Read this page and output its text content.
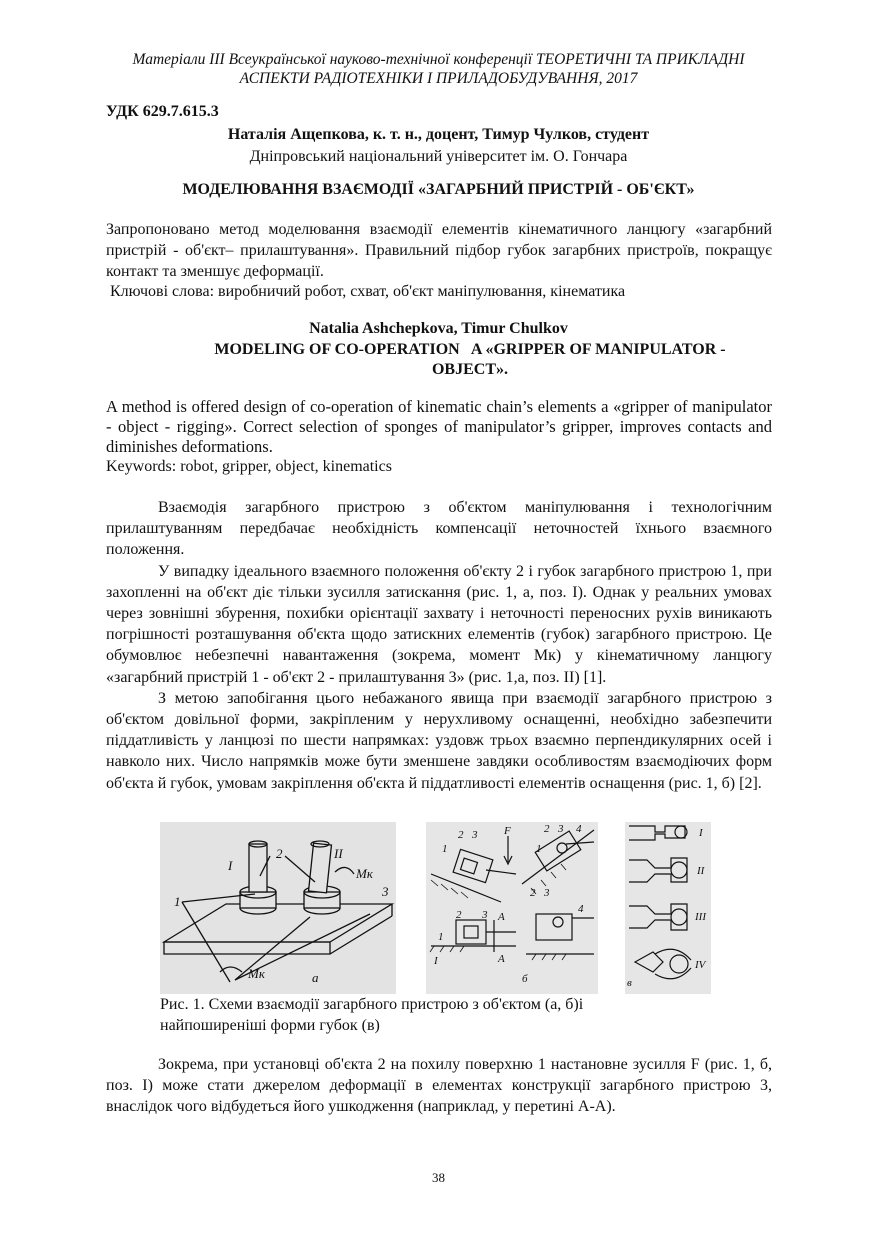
Матеріали III Всеукраїнської науково-технічної конференції ТЕОРЕТИЧНІ ТА ПРИКЛАДНІ
АСПЕКТИ РАДІОТЕХНІКИ І ПРИЛАДОБУДУВАННЯ, 2017
УДК 629.7.615.3
Наталія Ащепкова, к. т. н., доцент, Тимур Чулков, студент
Дніпровський національний університет ім. О. Гончара
МОДЕЛЮВАННЯ ВЗАЄМОДІЇ «ЗАГАРБНИЙ ПРИСТРІЙ - ОБ'ЄКТ»

Запропоновано метод моделювання взаємодії елементів кінематичного ланцюгу «загарбний пристрій - об'єкт– прилаштування». Правильний підбор губок загарбних пристроїв, покращує контакт та зменшує деформації.

Ключові слова: виробничий робот, схват, об'єкт маніпулювання, кінематика
Natalia Ashchepkova, Timur Chulkov
MODELING OF CO-OPERATION   A «GRIPPER OF MANIPULATOR -
OBJECT».

A method is offered design of co-operation of kinematic chain’s elements a «gripper of manipulator - object - rigging». Correct selection of sponges of manipulator’s gripper, improves contacts and diminishes deformations.

Keywords: robot, gripper, object, kinematics

Взаємодія загарбного пристрою з об'єктом маніпулювання і технологічним прилаштуванням передбачає необхідність компенсації неточностей їхнього взаємного положення.

У випадку ідеального взаємного положення об'єкту 2 і губок загарбного пристрою 1, при захопленні на об'єкт діє тільки зусилля затискання (рис. 1, а, поз. I). Однак у реальних умовах через зовнішні збурення, похибки орієнтації захвату і неточності переносних рухів виникають погрішності розташування об'єкта щодо затискних елементів (губок) загарбного пристрою. Це обумовлює небезпечні навантаження (зокрема, момент Mк) у кінематичному ланцюгу «загарбний пристрій 1 - об'єкт 2 - прилаштування 3» (рис. 1,а, поз. II) [1].

З метою запобігання цього небажаного явища при взаємодії загарбного пристрою з об'єктом довільної форми, закріпленим у нерухливому оснащенні, необхідно забезпечити піддатливість у ланцюзі по шести напрямках: уздовж трьох взаємно перпендикулярних осей і навколо них. Число напрямків може бути зменшене завдяки особливостям взаємодіючих форм об'єкта й губок, умовам закріплення об'єкта й піддатливості елементів оснащення (рис. 1, б) [2].

I
II
1
2
3
Mк
Mк	а
2 3
1
F
1
2 3 4
2 3 A
A
1
I
2 3
4
б
I
II
III
IV
в
Рис. 1. Схеми взаємодії загарбного пристрою з об'єктом (а, б)і
найпоширеніші форми губок (в)

Зокрема, при установці об'єкта 2 на похилу поверхню 1 настановне зусилля F (рис. 1, б, поз. I) може стати джерелом деформації в елементах конструкції загарбного пристрою 3, внаслідок чого відбудеться його ушкодження (наприклад, у перетині А-А).

38
